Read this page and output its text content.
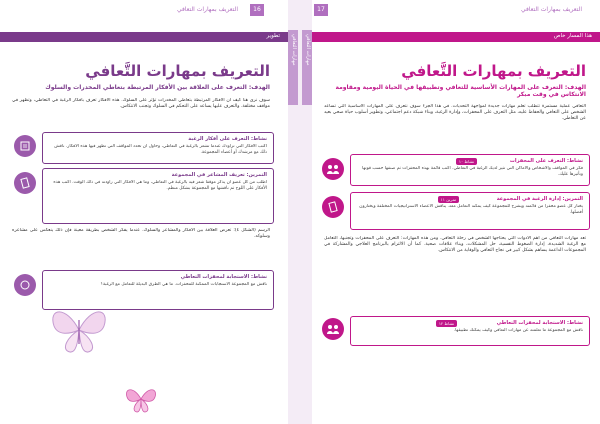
التعريف بمهارات التعافي	16
تطوير
التعريف بمهارات التَّعافي
الهدف: التعرف على العلاقة بين الأفكار المرتبطة بتعاطي المخدرات والسلوك
سوف نرى هنا كيف أن الأفكار المرتبطة بتعاطي المخدرات تؤثر على السلوك. هذه الأفكار تعرف بأفكار الرغبة في التعاطي، وتظهر في مواقف مختلفة. والتعرف عليها يساعد على التحكم في السلوك وتجنب الانتكاس.
نشاط: التعرف على أفكار الرغبة
اكتب الأفكار التي تراودك عندما تشعر بالرغبة في التعاطي، وحاول أن تحدد المواقف التي تظهر فيها هذه الأفكار. ناقش ذلك مع مرشدك أو أعضاء المجموعة.
التمرين: تعريف المشاعر في المجموعة
اطلب من كل عضو أن يذكر موقفاً شعر فيه بالرغبة في التعاطي، وما هي الأفكار التي راودته في ذلك الوقت. اكتب هذه الأفكار على اللوح ثم ناقشها مع المجموعة بشكل منظم.
الرسم (الشكل ٤): تعرض العلاقة بين الأفكار والمشاعر والسلوك. عندما يفكر الشخص بطريقة معينة فإن ذلك ينعكس على مشاعره وسلوكه.
نشاط: الاستجابة لمحفزات التعاطي
ناقش مع المجموعة الاستجابات الممكنة للمحفزات. ما هي الطرق البديلة للتعامل مع الرغبة؟
مهارات التعافي	مهارات التعافي
التعريف بمهارات التعافي
17
هذا المسار خاص
التعريف بمهارات التَّعافي
الهدف: التعرف على المهارات الأساسية للتعافي وتطبيقها في الحياة اليومية ومقاومة الانتكاس في وقت مبكر
التعافي عملية مستمرة تتطلب تعلم مهارات جديدة لمواجهة التحديات. في هذا الجزء سوف نتعرف على المهارات الأساسية التي تساعد الشخص على التعافي والحفاظ عليه، مثل التعرف على المحفزات، وإدارة الرغبة، وبناء شبكة دعم اجتماعي، وتطوير أسلوب حياة صحي بعيد عن التعاطي.
نشاط: التعرف على المحفزات
نشاط ١٠
فكر في المواقف والأشخاص والأماكن التي تثير لديك الرغبة في التعاطي. اكتب قائمة بهذه المحفزات ثم صنفها حسب قوتها وتأثيرها عليك.
التمرين: إدارة الرغبة في المجموعة
تمرين ١١
يختار كل عضو محفزاً من قائمته ويشرح للمجموعة كيف يمكنه التعامل معه. يناقش الأعضاء الاستراتيجيات المختلفة ويختارون أفضلها.
تعد مهارات التعافي من أهم الأدوات التي يحتاجها الشخص في رحلة التعافي. ومن هذه المهارات: التعرف على المحفزات وتجنبها، التعامل مع الرغبة الشديدة، إدارة الضغوط النفسية، حل المشكلات، وبناء علاقات صحية. كما أن الالتزام بالبرنامج العلاجي والمشاركة في المجموعات الداعمة يساهم بشكل كبير في نجاح التعافي والوقاية من الانتكاس.
نشاط: الاستجابة لمحفزات التعاطي
نشاط ١٢
ناقش مع المجموعة ما تعلمته عن مهارات التعافي وكيف يمكنك تطبيقها.
